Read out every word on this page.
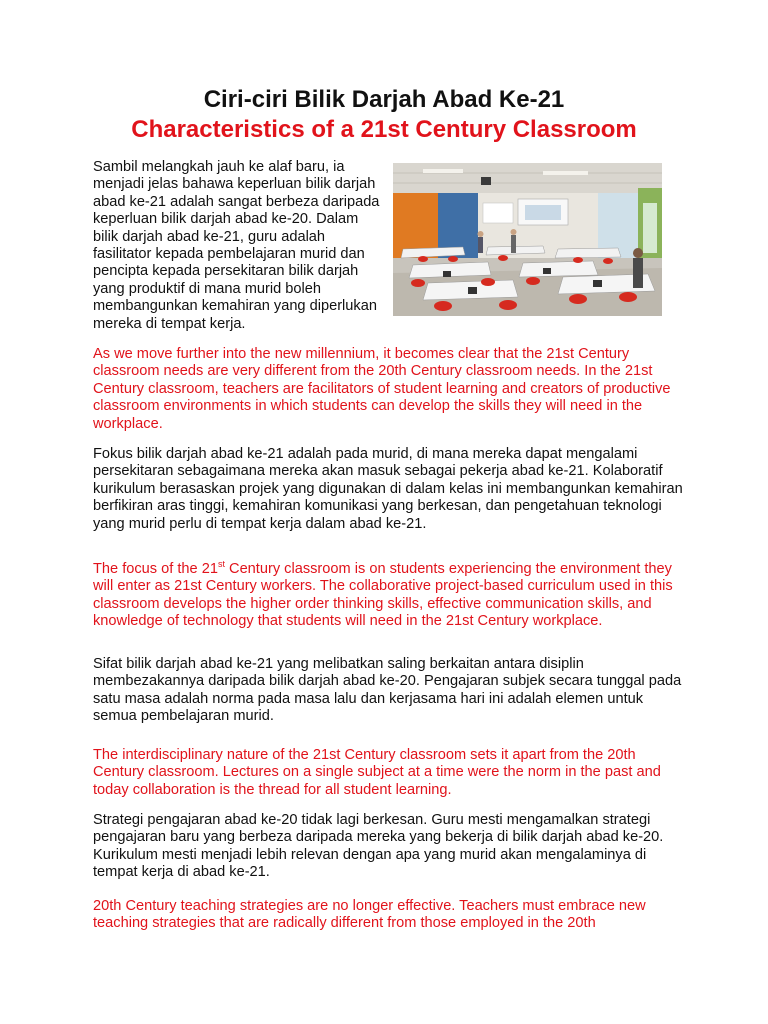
Ciri-ciri Bilik Darjah Abad Ke-21
Characteristics of a 21st Century Classroom

Sambil melangkah jauh ke alaf baru, ia menjadi jelas bahawa keperluan bilik darjah abad ke-21 adalah sangat berbeza daripada keperluan bilik darjah abad ke-20. Dalam bilik darjah abad ke-21, guru adalah fasilitator kepada pembelajaran murid dan pencipta kepada persekitaran bilik darjah yang produktif di mana murid boleh membangunkan kemahiran yang diperlukan mereka di tempat kerja.

As we move further into the new millennium, it becomes clear that the 21st Century classroom needs are very different from the 20th Century classroom needs. In the 21st Century classroom, teachers are facilitators of student learning and creators of productive classroom environments in which students can develop the skills they will need in the workplace.

Fokus bilik darjah abad ke-21 adalah pada murid, di mana mereka dapat mengalami persekitaran sebagaimana mereka akan masuk sebagai pekerja abad ke-21. Kolaboratif kurikulum berasaskan projek yang digunakan di dalam kelas ini membangunkan kemahiran berfikiran aras tinggi, kemahiran komunikasi yang berkesan, dan pengetahuan teknologi yang murid perlu di tempat kerja dalam abad ke-21.

The focus of the 21st Century classroom is on students experiencing the environment they will enter as 21st Century workers. The collaborative project-based curriculum used in this classroom develops the higher order thinking skills, effective communication skills, and knowledge of technology that students will need in the 21st Century workplace.

Sifat bilik darjah abad ke-21 yang melibatkan saling berkaitan antara disiplin membezakannya daripada bilik darjah abad ke-20. Pengajaran subjek secara tunggal pada satu masa adalah norma pada masa lalu dan kerjasama hari ini adalah elemen untuk semua pembelajaran murid.

The interdisciplinary nature of the 21st Century classroom sets it apart from the 20th Century classroom. Lectures on a single subject at a time were the norm in the past and today collaboration is the thread for all student learning.

Strategi pengajaran abad ke-20 tidak lagi berkesan. Guru mesti mengamalkan strategi pengajaran baru yang berbeza daripada mereka yang bekerja di bilik darjah abad ke-20. Kurikulum mesti menjadi lebih relevan dengan apa yang murid akan mengalaminya di tempat kerja di abad ke-21.

20th Century teaching strategies are no longer effective. Teachers must embrace new teaching strategies that are radically different from those employed in the 20th
